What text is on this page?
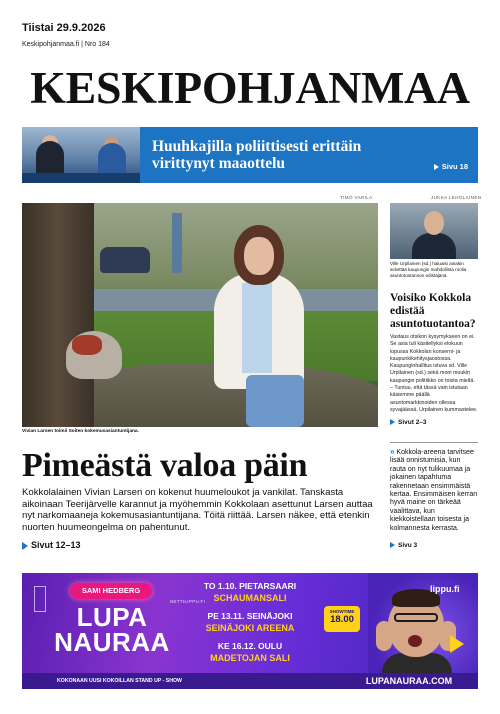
Tiistai 29.9.2026
Keskipohjanmaa.fi | Nro 184
KESKIPOHJANMAA
Huuhkajilla poliittisesti erittäin virittynyt maaottelu	Sivu 18
TIMO VARILA	JUKKA LEHOLAINEN
Vivian Larsen toimii Soiten kokemusasiantuntijana.
Ville Urpilainen (sd.) haluaisi ainakin selvittää kaupungin mahdollista roolia asuntotuotannon edistäjänä.
Voisiko Kokkola edistää asuntotuotantoa?
Vastaus otsikon kysymykseen on ei. Se asia tuli käsitellyksi elokuun lopussa Kokkolan konserni- ja kaupunkikehitysjaostossa. Kaupunginhallitus istuva sd. Ville Urpilainen (sd.) sekä moni muukin kaupungin politiikko on toista mieltä. – Tuntuu, että tässä vain istutaan käsiemme päällä asuntomarkkinoiden ollessa syvajäässä, Urpilainen kummastelee.
Sivut 2–3
» Kokkola-areena tarvitsee lisää onnistumisia, kun rauta on nyt tulikuumaa ja jokainen tapahtuma rakennetaan ensimmäistä kertaa. Ensimmäisen kerran hyvä maine on tärkeää vaalittava, kun kiekkoistellaan toisesta ja kolmannesta kerrasta.
Sivu 3
Pimeästä valoa päin
Kokkolalainen Vivian Larsen on kokenut huumeloukot ja vankilat. Tanskasta aikoinaan Teerijärvelle karannut ja myöhemmin Kokkolaan asettunut Larsen auttaa nyt narkomaaneja kokemusasiantuntijana. Töitä riittää. Larsen näkee, että etenkin nuorten huumeongelma on pahentunut.
Sivut 12–13
SAMI HEDBERG
LUPA NAURAA
NETTILIPPU.FI
TO 1.10. PIETARSAARI
SCHAUMANSALI
PE 13.11. SEINÄJOKI
SEINÄJOKI AREENA
KE 16.12. OULU
MADETOJAN SALI
SHOWTIME
18.00
lippu.fi
KOKONAAN UUSI KOKOILLAN STAND UP - SHOW	LUPANAURAA.COM
